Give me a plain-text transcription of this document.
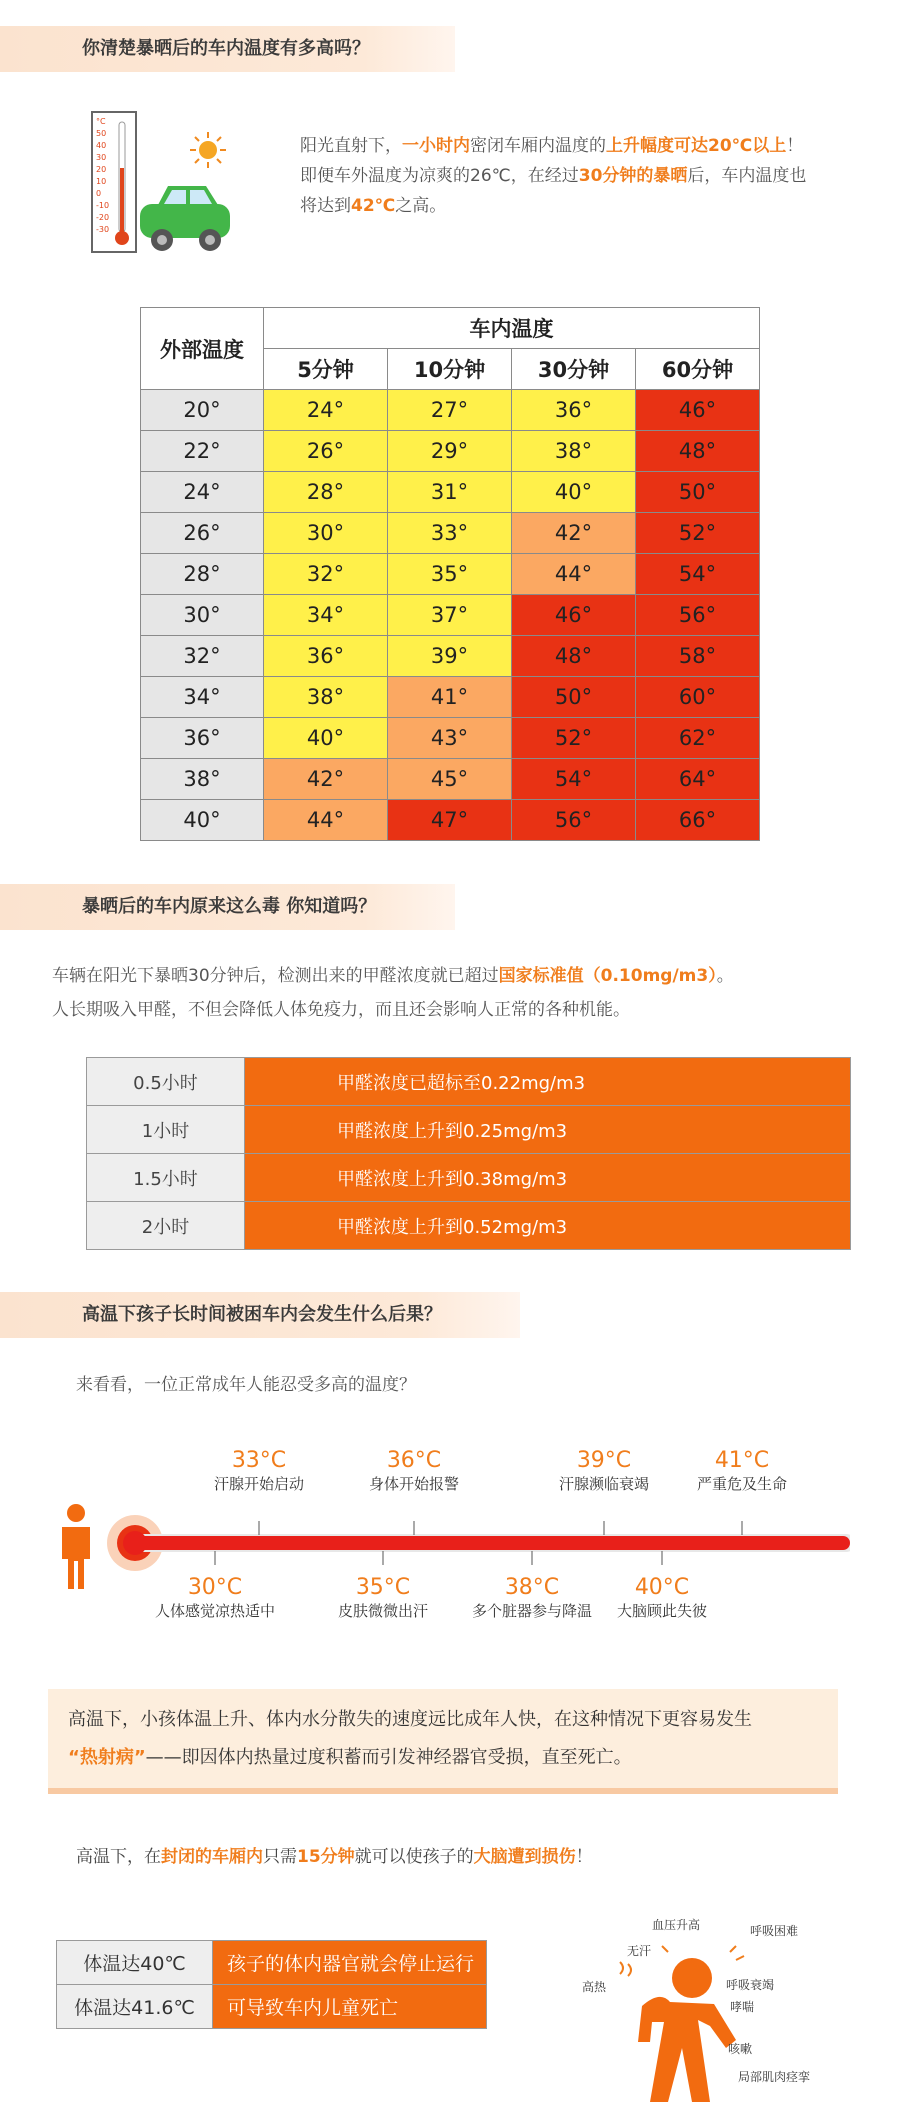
你清楚暴晒后的车内温度有多高吗？
°C
50
40
30
20
10
0
-10
-20
-30
阳光直射下，一小时内密闭车厢内温度的上升幅度可达20℃以上！
即便车外温度为凉爽的26℃，在经过30分钟的暴晒后，车内温度也
将达到42℃之高。
外部温度	车内温度			
	5分钟	10分钟	30分钟	60分钟
20°	24°	27°	36°	46°
22°	26°	29°	38°	48°
24°	28°	31°	40°	50°
26°	30°	33°	42°	52°
28°	32°	35°	44°	54°
30°	34°	37°	46°	56°
32°	36°	39°	48°	58°
34°	38°	41°	50°	60°
36°	40°	43°	52°	62°
38°	42°	45°	54°	64°
40°	44°	47°	56°	66°
暴晒后的车内原来这么毒 你知道吗？
车辆在阳光下暴晒30分钟后，检测出来的甲醛浓度就已超过国家标准值（0.10mg/m3）。
人长期吸入甲醛，不但会降低人体免疫力，而且还会影响人正常的各种机能。
0.5小时	甲醛浓度已超标至0.22mg/m3
1小时	甲醛浓度上升到0.25mg/m3
1.5小时	甲醛浓度上升到0.38mg/m3
2小时	甲醛浓度上升到0.52mg/m3
高温下孩子长时间被困车内会发生什么后果？
来看看，一位正常成年人能忍受多高的温度？
33°C
汗腺开始启动
36°C
身体开始报警
39°C
汗腺濒临衰竭
41°C
严重危及生命
30°C
人体感觉凉热适中
35°C
皮肤微微出汗
38°C
多个脏器参与降温
40°C
大脑顾此失彼
高温下，小孩体温上升、体内水分散失的速度远比成年人快，在这种情况下更容易发生
“热射病”——即因体内热量过度积蓄而引发神经器官受损，直至死亡。
高温下，在封闭的车厢内只需15分钟就可以使孩子的大脑遭到损伤！
体温达40℃	孩子的体内器官就会停止运行
体温达41.6℃	可导致车内儿童死亡
血压升高
无汗
呼吸困难
高热	呼吸衰竭
哮喘
咳嗽
局部肌肉痉挛
